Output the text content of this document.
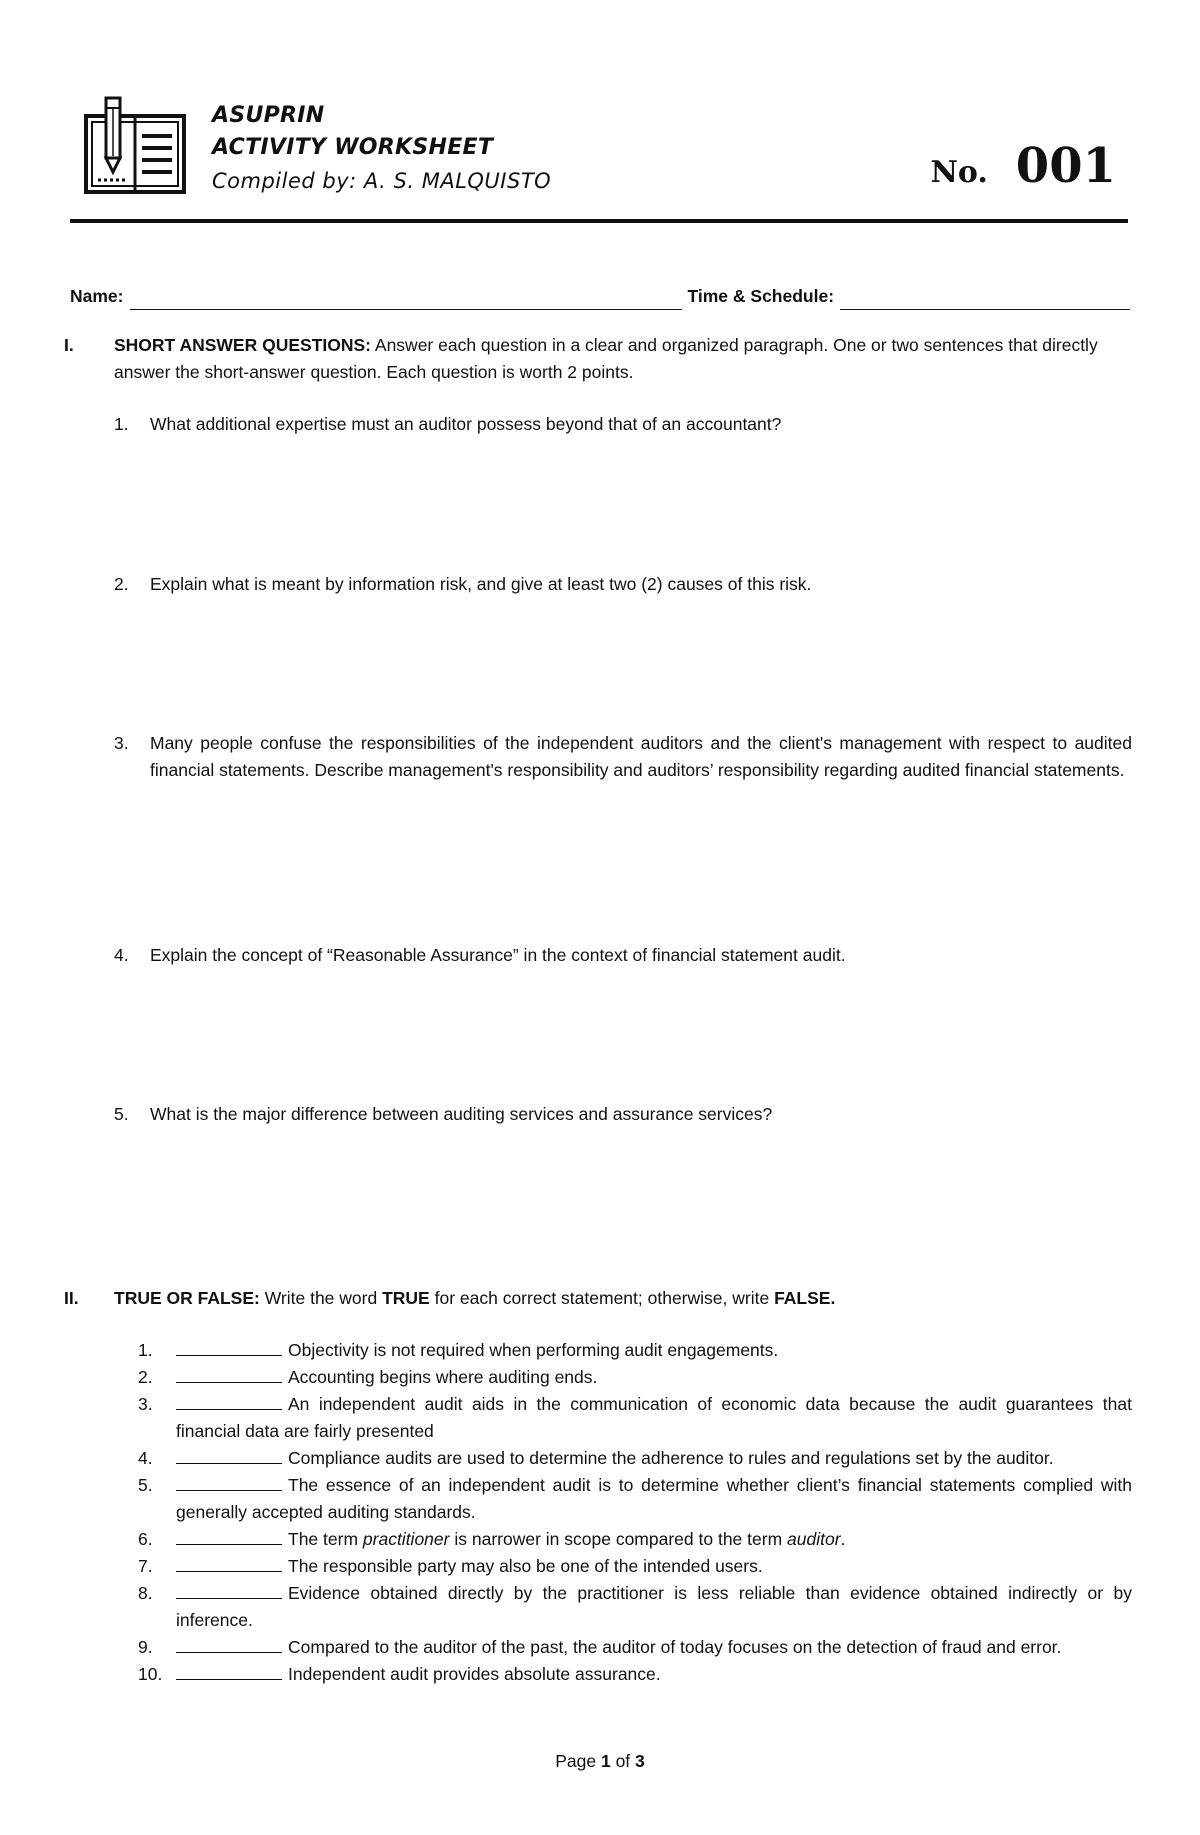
ASUPRIN
ACTIVITY WORKSHEET
Compiled by: A. S. MALQUISTO	No. 001
Name:	Time & Schedule:
I.	SHORT ANSWER QUESTIONS: Answer each question in a clear and organized paragraph. One or two sentences that directly answer the short-answer question. Each question is worth 2 points.
1.	What additional expertise must an auditor possess beyond that of an accountant?
2.	Explain what is meant by information risk, and give at least two (2) causes of this risk.
3.	Many people confuse the responsibilities of the independent auditors and the client's management with respect to audited financial statements. Describe management's responsibility and auditors’ responsibility regarding audited financial statements.
4.	Explain the concept of “Reasonable Assurance” in the context of financial statement audit.
5.	What is the major difference between auditing services and assurance services?
II.	TRUE OR FALSE: Write the word TRUE for each correct statement; otherwise, write FALSE.
1.	Objectivity is not required when performing audit engagements.
2.	Accounting begins where auditing ends.
3.	An independent audit aids in the communication of economic data because the audit guarantees that financial data are fairly presented
4.	Compliance audits are used to determine the adherence to rules and regulations set by the auditor.
5.	The essence of an independent audit is to determine whether client’s financial statements complied with generally accepted auditing standards.
6.	The term practitioner is narrower in scope compared to the term auditor.
7.	The responsible party may also be one of the intended users.
8.	Evidence obtained directly by the practitioner is less reliable than evidence obtained indirectly or by inference.
9.	Compared to the auditor of the past, the auditor of today focuses on the detection of fraud and error.
10.	Independent audit provides absolute assurance.
Page 1 of 3
